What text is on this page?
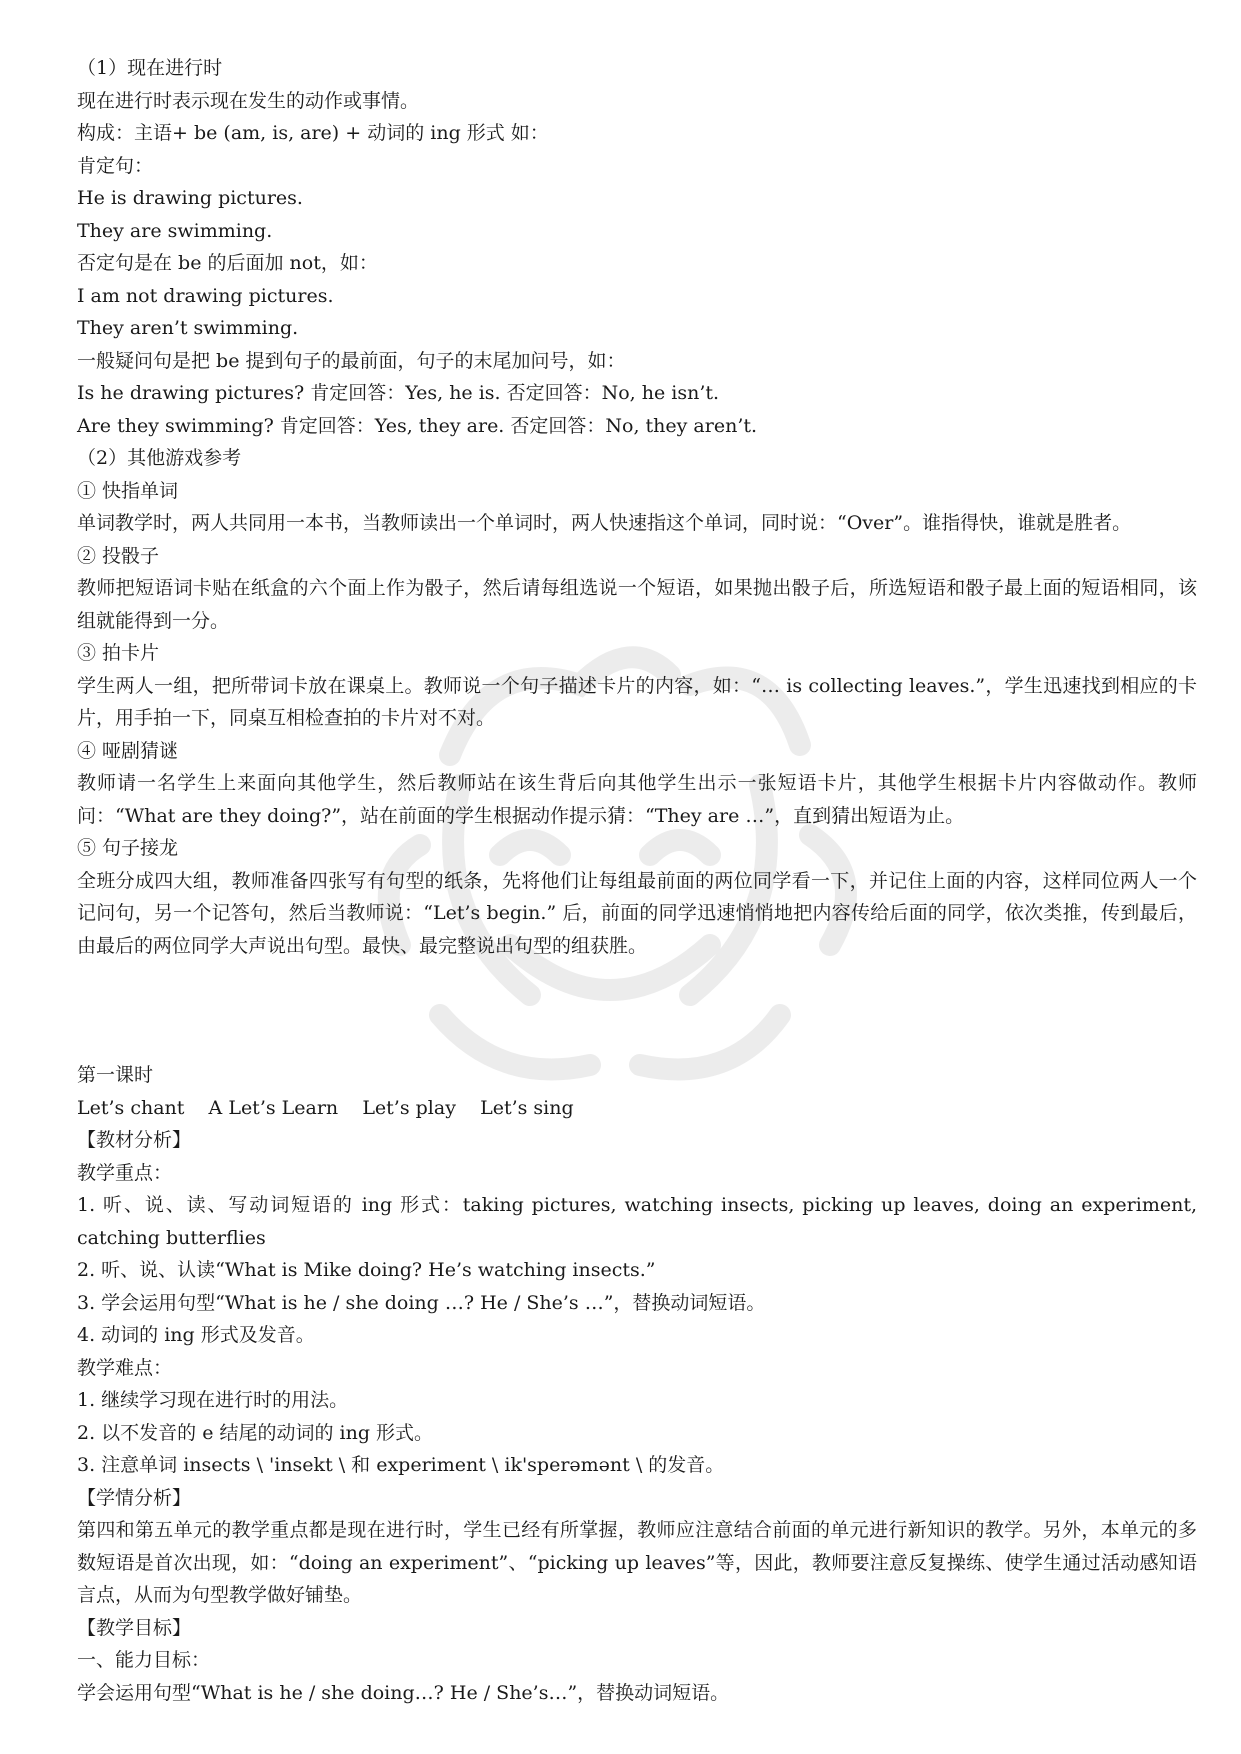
（1）现在进行时

现在进行时表示现在发生的动作或事情。

构成：主语+ be (am, is, are) + 动词的 ing 形式 如：

肯定句：

He is drawing pictures.

They are swimming.

否定句是在 be 的后面加 not，如：

I am not drawing pictures.

They aren’t swimming.

一般疑问句是把 be 提到句子的最前面，句子的末尾加问号，如：

Is he drawing pictures? 肯定回答：Yes, he is. 否定回答：No, he isn’t.

Are they swimming? 肯定回答：Yes, they are. 否定回答：No, they aren’t.

（2）其他游戏参考

① 快指单词

单词教学时，两人共同用一本书，当教师读出一个单词时，两人快速指这个单词，同时说：“Over”。谁指得快，谁就是胜者。

② 投骰子

教师把短语词卡贴在纸盒的六个面上作为骰子，然后请每组选说一个短语，如果抛出骰子后，所选短语和骰子最上面的短语相同，该组就能得到一分。

③ 拍卡片

学生两人一组，把所带词卡放在课桌上。教师说一个句子描述卡片的内容，如：“… is collecting leaves.”，学生迅速找到相应的卡片，用手拍一下，同桌互相检查拍的卡片对不对。

④ 哑剧猜谜

教师请一名学生上来面向其他学生，然后教师站在该生背后向其他学生出示一张短语卡片，其他学生根据卡片内容做动作。教师问：“What are they doing?”，站在前面的学生根据动作提示猜：“They are …”，直到猜出短语为止。

⑤ 句子接龙

全班分成四大组，教师准备四张写有句型的纸条，先将他们让每组最前面的两位同学看一下，并记住上面的内容，这样同位两人一个记问句，另一个记答句，然后当教师说：“Let’s begin.” 后，前面的同学迅速悄悄地把内容传给后面的同学，依次类推，传到最后，由最后的两位同学大声说出句型。最快、最完整说出句型的组获胜。

第一课时

Let’s chant    A Let’s Learn    Let’s play    Let’s sing

【教材分析】

教学重点：

1. 听、说、读、写动词短语的 ing 形式：taking pictures, watching insects, picking up leaves, doing an experiment, catching butterflies

2. 听、说、认读“What is Mike doing? He’s watching insects.”

3. 学会运用句型“What is he / she doing …? He / She’s …”，替换动词短语。

4. 动词的 ing 形式及发音。

教学难点：

1. 继续学习现在进行时的用法。

2. 以不发音的 e 结尾的动词的 ing 形式。

3. 注意单词 insects \ 'insekt \ 和 experiment \ ik'sperəmənt \ 的发音。

【学情分析】

第四和第五单元的教学重点都是现在进行时，学生已经有所掌握，教师应注意结合前面的单元进行新知识的教学。另外，本单元的多数短语是首次出现，如：“doing an experiment”、“picking up leaves”等，因此，教师要注意反复操练、使学生通过活动感知语言点，从而为句型教学做好铺垫。

【教学目标】

一、能力目标：

学会运用句型“What is he / she doing…? He / She’s…”，替换动词短语。
